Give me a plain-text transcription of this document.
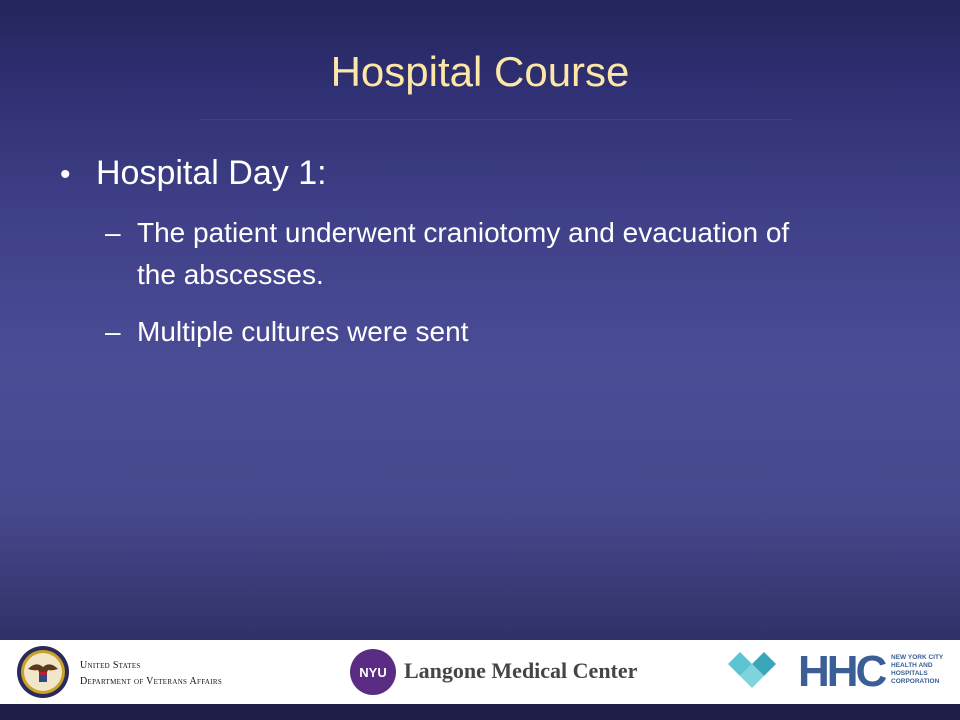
Hospital Course
• Hospital Day 1:
– The patient underwent craniotomy and evacuation of the abscesses.
– Multiple cultures were sent
United States
Department of Veterans Affairs
NYU Langone Medical Center	HHC NEW YORK CITY
HEALTH AND
HOSPITALS
CORPORATION
